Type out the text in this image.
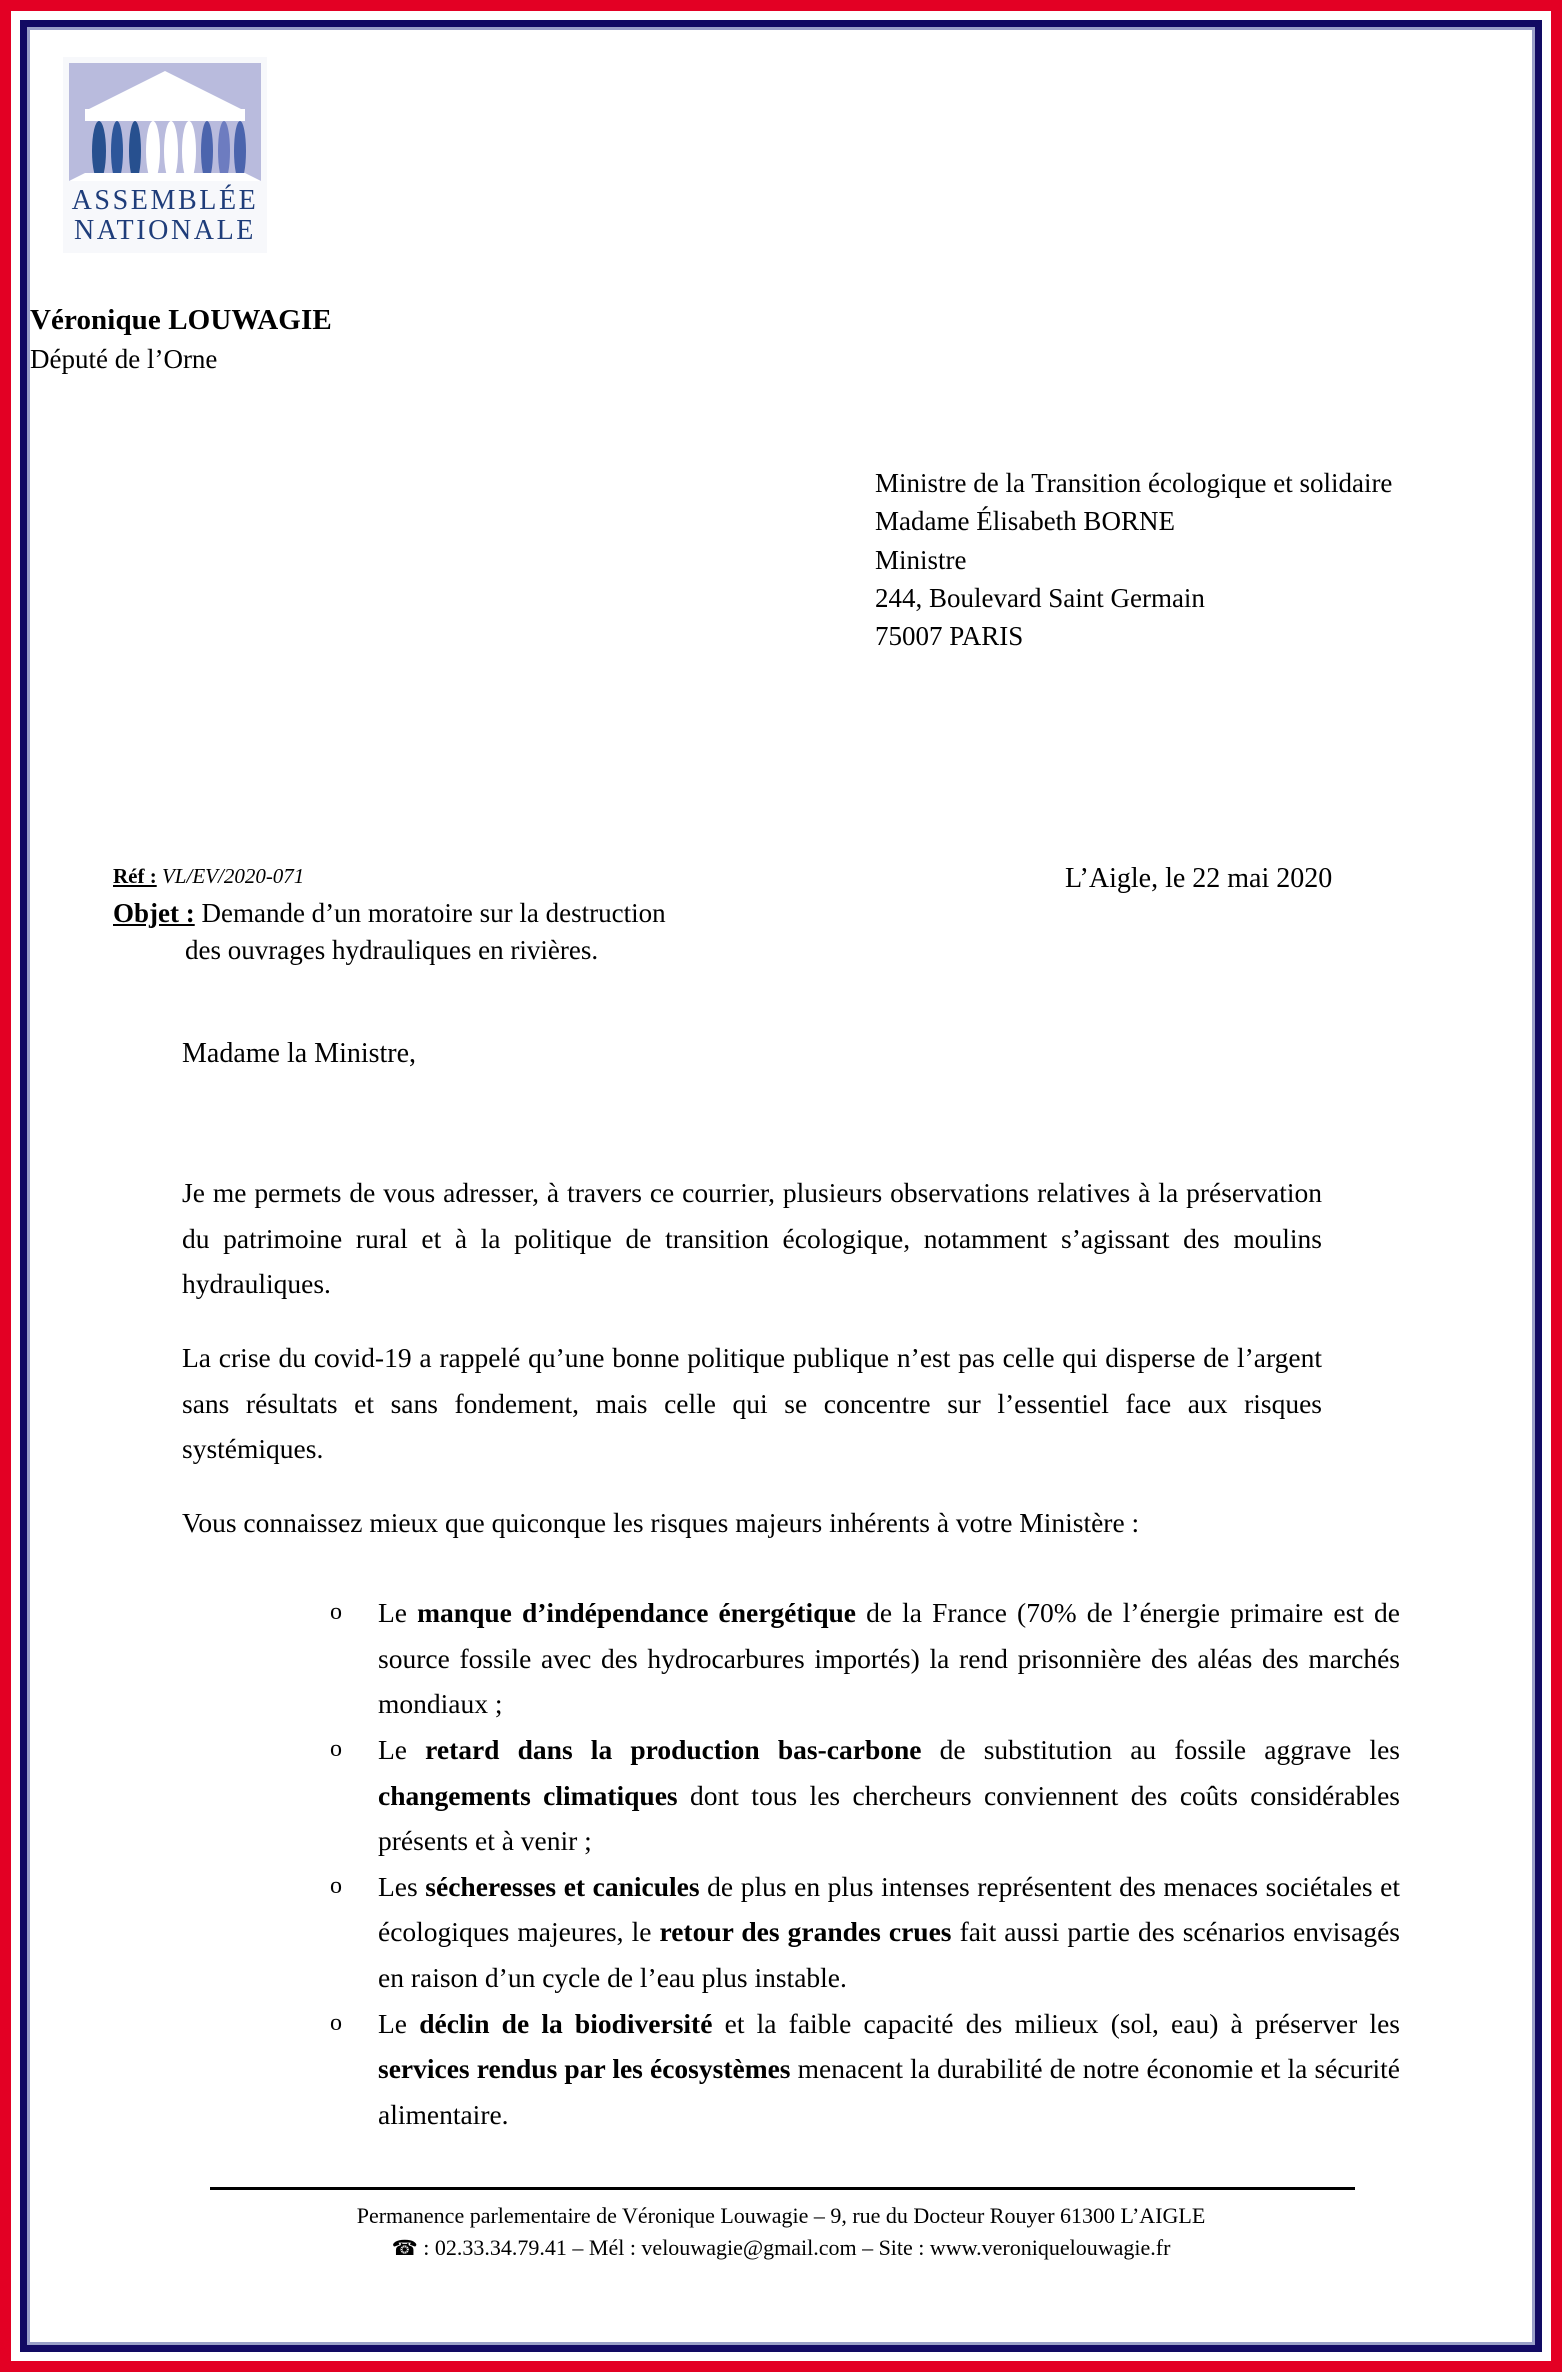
ASSEMBLÉE
NATIONALE
Véronique LOUWAGIE
Député de l’Orne
Ministre de la Transition écologique et solidaire
Madame Élisabeth BORNE
Ministre
244, Boulevard Saint Germain
75007 PARIS
Réf : VL/EV/2020-071
Objet : Demande d’un moratoire sur la destruction
des ouvrages hydrauliques en rivières.
L’Aigle, le 22 mai 2020
Madame la Ministre,

Je me permets de vous adresser, à travers ce courrier, plusieurs observations relatives à la préservation du patrimoine rural et à la politique de transition écologique, notamment s’agissant des moulins hydrauliques.

La crise du covid-19 a rappelé qu’une bonne politique publique n’est pas celle qui disperse de l’argent sans résultats et sans fondement, mais celle qui se concentre sur l’essentiel face aux risques systémiques.

Vous connaissez mieux que quiconque les risques majeurs inhérents à votre Ministère :

o	Le manque d’indépendance énergétique de la France (70% de l’énergie primaire est de source fossile avec des hydrocarbures importés) la rend prisonnière des aléas des marchés mondiaux ;
o	Le retard dans la production bas-carbone de substitution au fossile aggrave les changements climatiques dont tous les chercheurs conviennent des coûts considérables présents et à venir ;
o	Les sécheresses et canicules de plus en plus intenses représentent des menaces sociétales et écologiques majeures, le retour des grandes crues fait aussi partie des scénarios envisagés en raison d’un cycle de l’eau plus instable.
o	Le déclin de la biodiversité et la faible capacité des milieux (sol, eau) à préserver les services rendus par les écosystèmes menacent la durabilité de notre économie et la sécurité alimentaire.
Permanence parlementaire de Véronique Louwagie – 9, rue du Docteur Rouyer 61300 L’AIGLE
☎ : 02.33.34.79.41 – Mél : velouwagie@gmail.com – Site : www.veroniquelouwagie.fr
